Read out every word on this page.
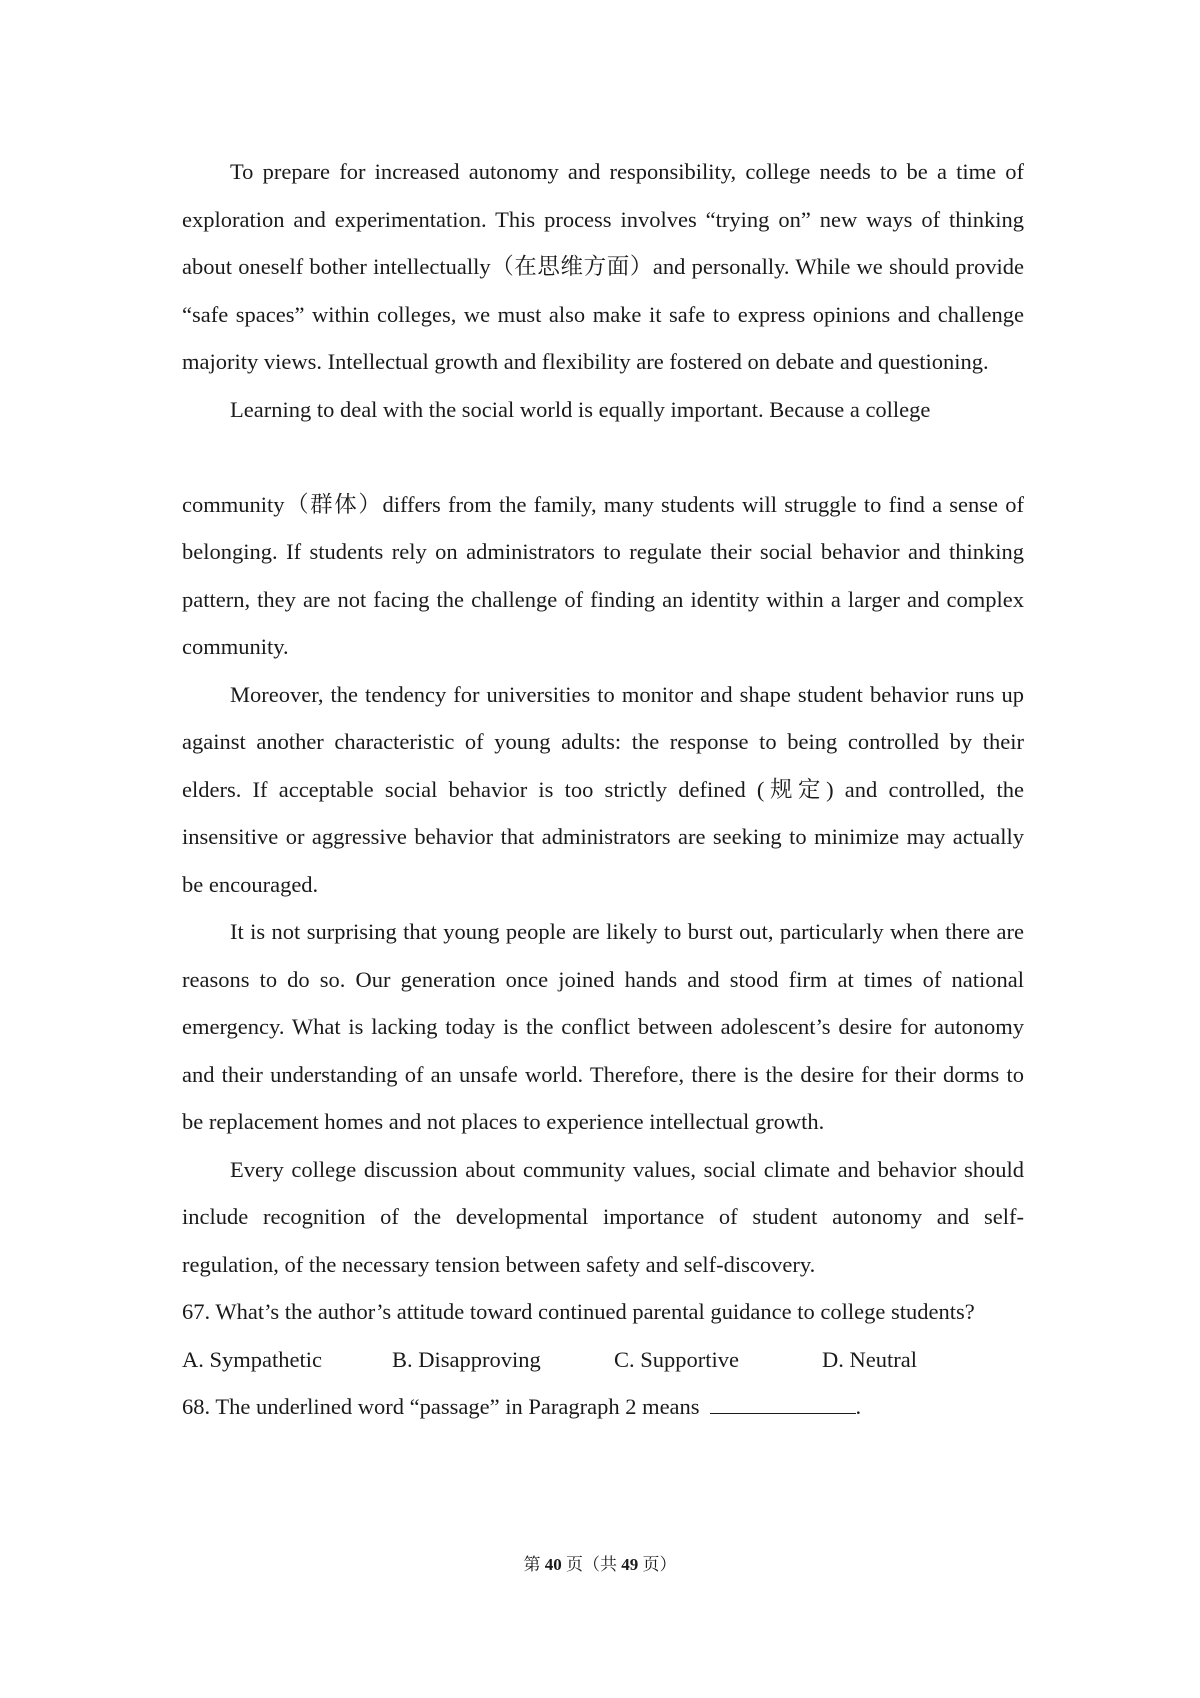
To prepare for increased autonomy and responsibility, college needs to be a time of exploration and experimentation. This process involves “trying on” new ways of thinking about oneself bother intellectually（在思维方面）and personally. While we should provide “safe spaces” within colleges, we must also make it safe to express opinions and challenge majority views. Intellectual growth and flexibility are fostered on debate and questioning.

Learning to deal with the social world is equally important. Because a college

community（群体）differs from the family, many students will struggle to find a sense of belonging. If students rely on administrators to regulate their social behavior and thinking pattern, they are not facing the challenge of finding an identity within a larger and complex community.

Moreover, the tendency for universities to monitor and shape student behavior runs up against another characteristic of young adults: the response to being controlled by their elders. If acceptable social behavior is too strictly defined (规定) and controlled, the insensitive or aggressive behavior that administrators are seeking to minimize may actually be encouraged.

It is not surprising that young people are likely to burst out, particularly when there are reasons to do so. Our generation once joined hands and stood firm at times of national emergency. What is lacking today is the conflict between adolescent’s desire for autonomy and their understanding of an unsafe world. Therefore, there is the desire for their dorms to be replacement homes and not places to experience intellectual growth.

Every college discussion about community values, social climate and behavior should include recognition of the developmental importance of student autonomy and self-regulation, of the necessary tension between safety and self-discovery.

67. What’s the author’s attitude toward continued parental guidance to college students?

A. Sympathetic	B. Disapproving	C. Supportive	D. Neutral

68. The underlined word “passage” in Paragraph 2 means	.

第 40 页（共 49 页）
